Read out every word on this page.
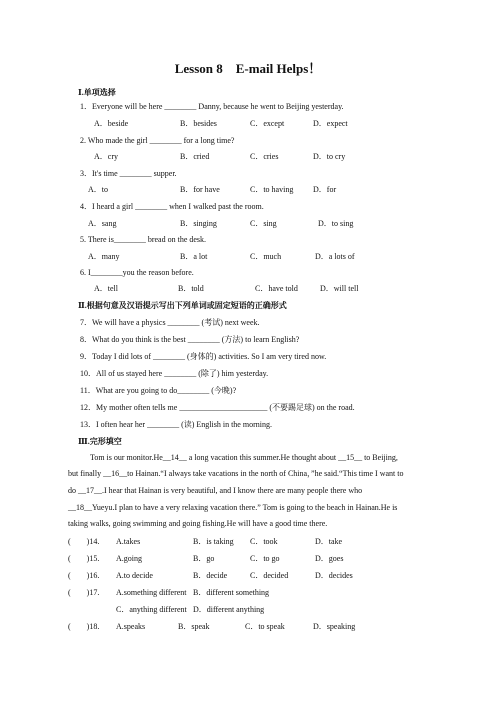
Lesson 8　E-mail Helps！
Ⅰ.单项选择
1．Everyone will be here ________ Danny, because he went to Beijing yesterday.
A．beside	B．besides	C．except	D．expect
2. Who made the girl ________ for a long time?
A．cry	B．cried	C．cries	D．to cry
3．It's time ________ supper.
A．to	B．for have	C．to having D．for
4．I heard a girl ________ when I walked past the room.
A．sang	B．singing	C．sing	D．to sing
5. There is________ bread on the desk.
A．many	B．a lot	C．much	D．a lots of
6. I________you the reason before.
A．tell	B．told	C．have told	D．will tell
Ⅱ.根据句意及汉语提示写出下列单词或固定短语的正确形式
7．We will have a physics ________ (考试) next week.
8．What do you think is the best ________ (方法) to learn English?
9．Today I did lots of ________ (身体的) activities. So I am very tired now.
10．All of us stayed here ________ (除了) him yesterday.
11．What are you going to do________ (今晚)?
12．My mother often tells me ______________________ (不要踢足球) on the road.
13．I often hear her ________ (读) English in the morning.
Ⅲ.完形填空
Tom is our monitor.He__14__ a long vacation this summer.He thought about __15__ to Beijing,
but finally __16__to Hainan.“I always take vacations in the north of China，”he said.“This time I want to
do __17__.I hear that Hainan is very beautiful, and I know there are many people there who
__18__Yueyu.I plan to have a very relaxing vacation there.” Tom is going to the beach in Hainan.He is
taking walks, going swimming and going fishing.He will have a good time there.
(　　)14. A.takes	B．is taking C．took	D．take
(　　)15. A.going	B．go	C．to go	D．goes
(　　)16. A.to decide	B．decide	C．decided	D．decides
(　　)17. A.something different B．different something
C．anything different D．different anything
(　　)18. A.speaks	B．speak	C．to speak	D．speaking
